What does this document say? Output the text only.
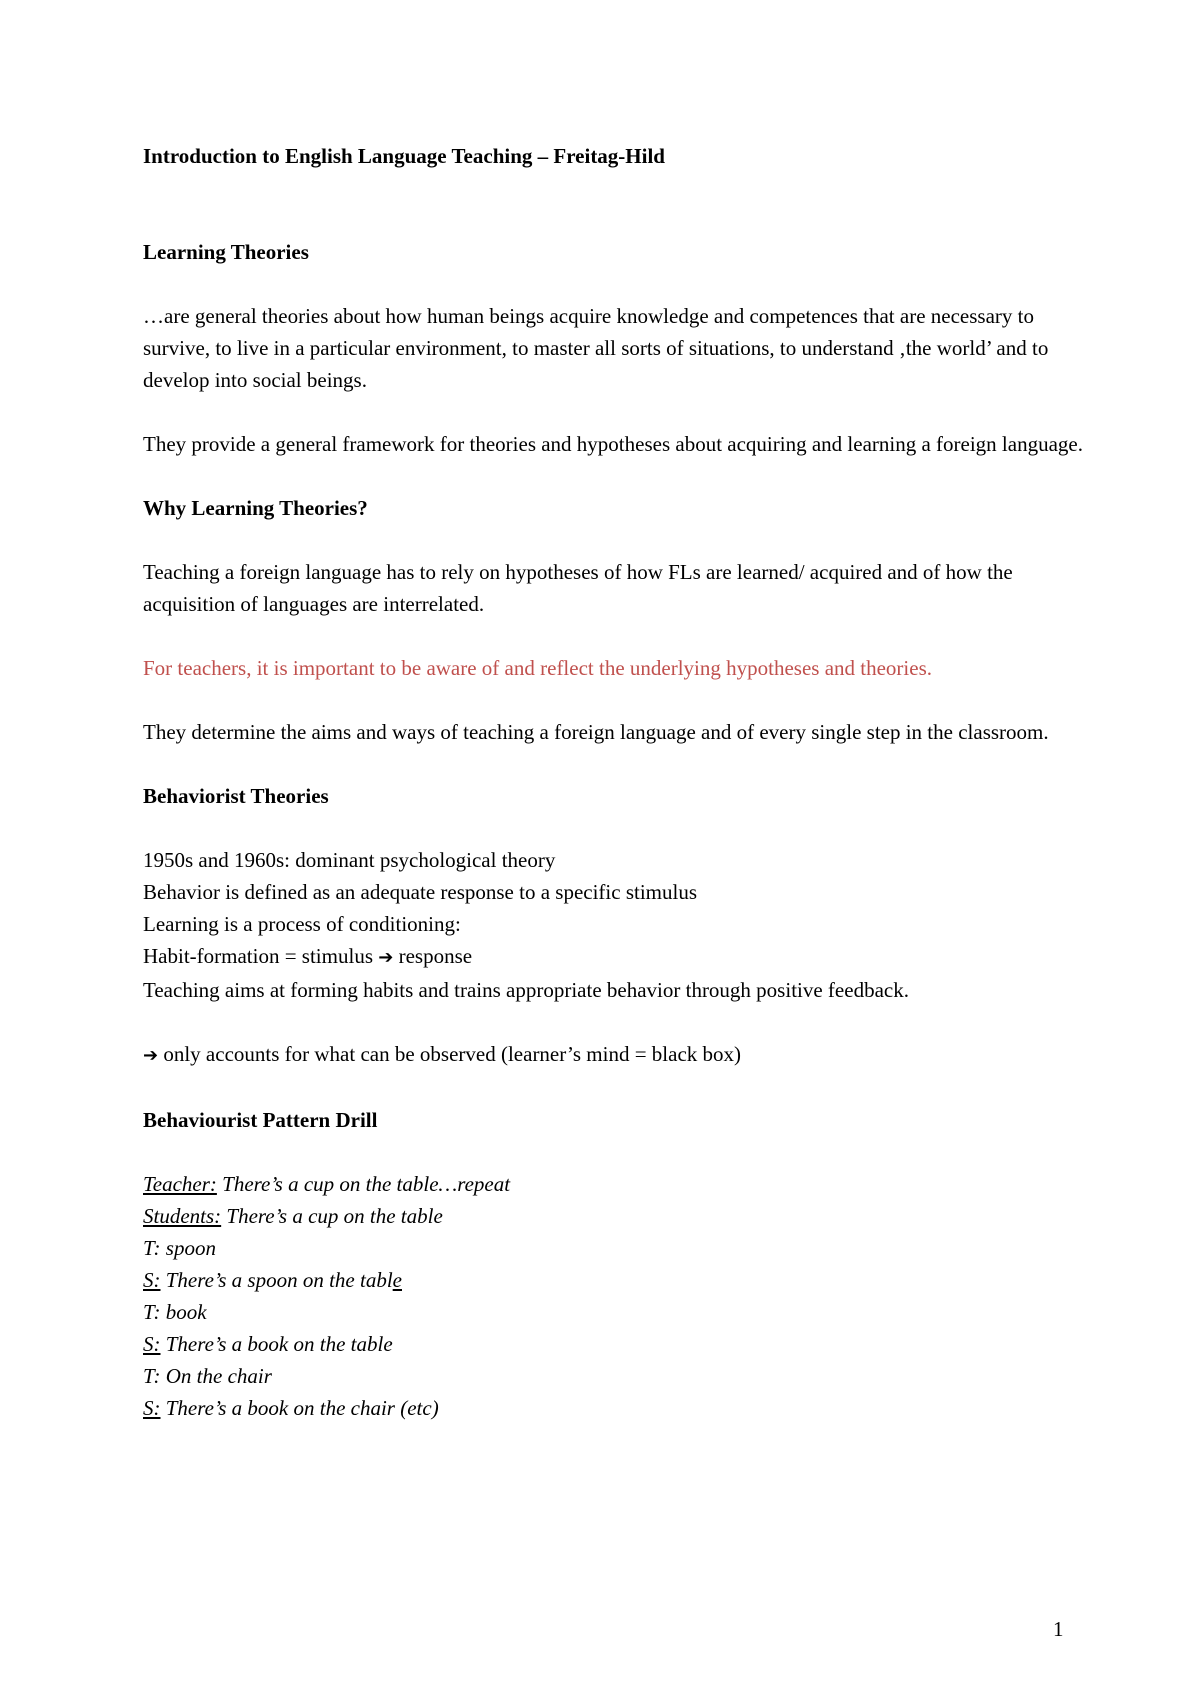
Introduction to English Language Teaching – Freitag-Hild

Learning Theories

…are general theories about how human beings acquire knowledge and competences that are necessary to survive, to live in a particular environment, to master all sorts of situations, to understand ‚the world’ and to develop into social beings.

They provide a general framework for theories and hypotheses about acquiring and learning a foreign language.

Why Learning Theories?

Teaching a foreign language has to rely on hypotheses of how FLs are learned/ acquired and of how the acquisition of languages are interrelated.

For teachers, it is important to be aware of and reflect the underlying hypotheses and theories.

They determine the aims and ways of teaching a foreign language and of every single step in the classroom.

Behaviorist Theories

1950s and 1960s: dominant psychological theory
Behavior is defined as an adequate response to a specific stimulus
Learning is a process of conditioning:
Habit-formation = stimulus ➔ response
Teaching aims at forming habits and trains appropriate behavior through positive feedback.

➔ only accounts for what can be observed (learner’s mind = black box)

Behaviourist Pattern Drill

Teacher: There’s a cup on the table…repeat
Students: There’s a cup on the table
T: spoon
S: There’s a spoon on the table
T: book
S: There’s a book on the table
T: On the chair
S: There’s a book on the chair (etc)
1
